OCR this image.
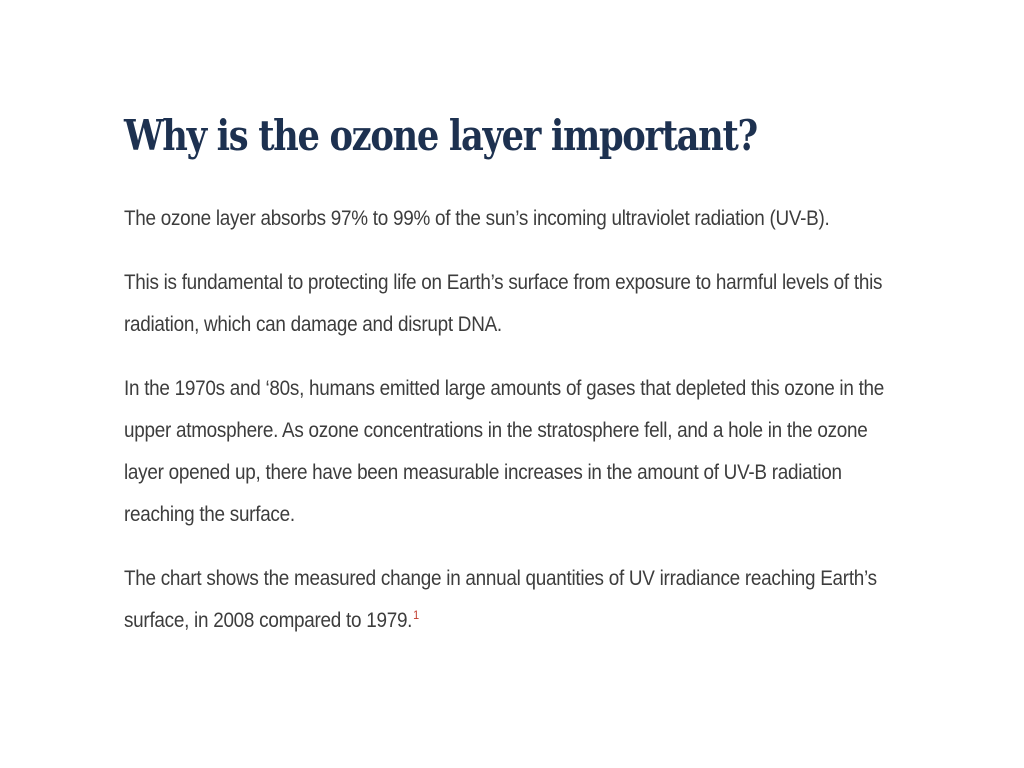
Why is the ozone layer important?

The ozone layer absorbs 97% to 99% of the sun’s incoming ultraviolet radiation (UV-B).

This is fundamental to protecting life on Earth’s surface from exposure to harmful levels of this radiation, which can damage and disrupt DNA.

In the 1970s and ‘80s, humans emitted large amounts of gases that depleted this ozone in the upper atmosphere. As ozone concentrations in the stratosphere fell, and a hole in the ozone layer opened up, there have been measurable increases in the amount of UV-B radiation reaching the surface.

The chart shows the measured change in annual quantities of UV irradiance reaching Earth’s surface, in 2008 compared to 1979.$^1$
